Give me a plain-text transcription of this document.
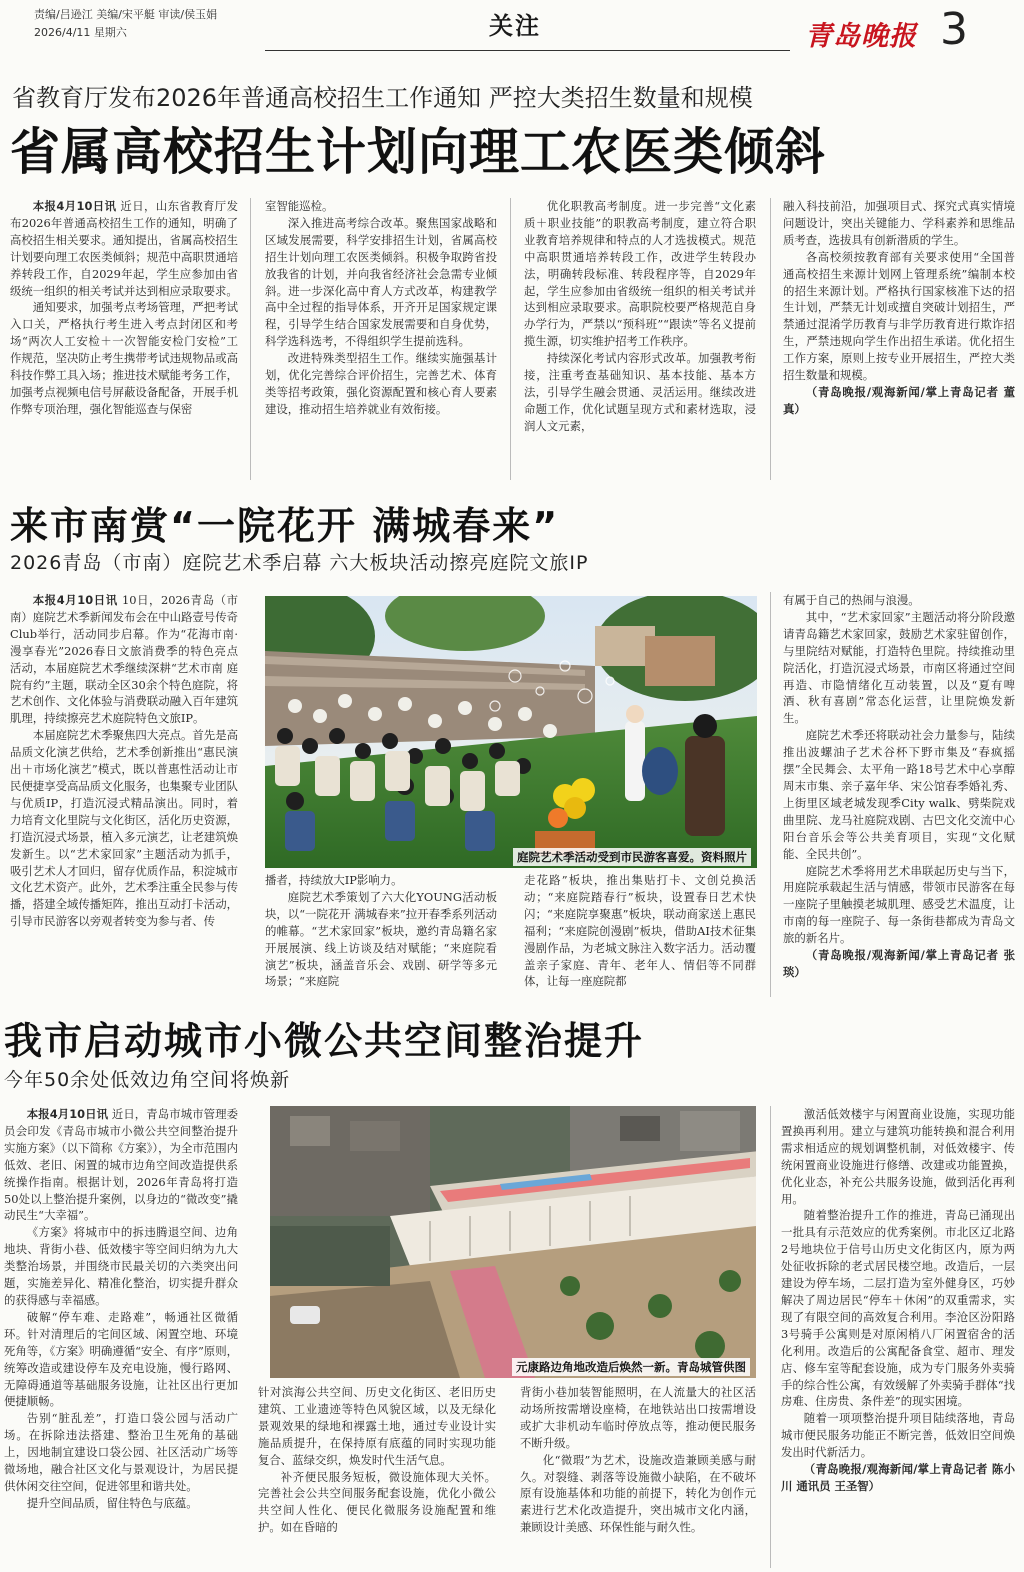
责编/吕逊江 美编/宋平艇 审读/侯玉娟
2026/4/11 星期六	关注	青岛晚报 3
省教育厅发布2026年普通高校招生工作通知 严控大类招生数量和规模
省属高校招生计划向理工农医类倾斜

本报4月10日讯 近日，山东省教育厅发布2026年普通高校招生工作的通知，明确了高校招生相关要求。通知提出，省属高校招生计划要向理工农医类倾斜；规范中高职贯通培养转段工作，自2029年起，学生应参加由省级统一组织的相关考试并达到相应录取要求。

通知要求，加强考点考场管理，严把考试入口关，严格执行考生进入考点封闭区和考场“两次人工安检＋一次智能安检门安检”工作规范，坚决防止考生携带考试违规物品或高科技作弊工具入场；推进技术赋能考务工作，加强考点视频电信号屏蔽设备配备，开展手机作弊专项治理，强化智能巡查与保密

室智能巡检。

深入推进高考综合改革。聚焦国家战略和区域发展需要，科学安排招生计划，省属高校招生计划向理工农医类倾斜。积极争取跨省投放我省的计划，并向我省经济社会急需专业倾斜。进一步深化高中育人方式改革，构建教学高中全过程的指导体系，开齐开足国家规定课程，引导学生结合国家发展需要和自身优势，科学选科选考，不得组织学生提前选科。

改进特殊类型招生工作。继续实施强基计划，优化完善综合评价招生，完善艺术、体育类等招考政策，强化资源配置和核心育人要素建设，推动招生培养就业有效衔接。

优化职教高考制度。进一步完善“文化素质＋职业技能”的职教高考制度，建立符合职业教育培养规律和特点的人才选拔模式。规范中高职贯通培养转段工作，改进学生转段办法，明确转段标准、转段程序等，自2029年起，学生应参加由省级统一组织的相关考试并达到相应录取要求。高职院校要严格规范自身办学行为，严禁以“预科班”“跟读”等名义提前揽生源，切实维护招考工作秩序。

持续深化考试内容形式改革。加强教考衔接，注重考查基础知识、基本技能、基本方法，引导学生融会贯通、灵活运用。继续改进命题工作，优化试题呈现方式和素材选取，浸润人文元素，

融入科技前沿，加强项目式、探究式真实情境问题设计，突出关键能力、学科素养和思维品质考查，选拔具有创新潜质的学生。

各高校须按教育部有关要求使用“全国普通高校招生来源计划网上管理系统”编制本校的招生来源计划。严格执行国家核准下达的招生计划，严禁无计划或擅自突破计划招生，严禁通过混淆学历教育与非学历教育进行欺诈招生，严禁违规向学生作出招生承诺。优化招生工作方案，原则上按专业开展招生，严控大类招生数量和规模。

（青岛晚报/观海新闻/掌上青岛记者 董真）

来市南赏“一院花开 满城春来”
2026青岛（市南）庭院艺术季启幕 六大板块活动擦亮庭院文旅IP

本报4月10日讯 10日，2026青岛（市南）庭院艺术季新闻发布会在中山路壹号传奇Club举行，活动同步启幕。作为“花海市南·漫享春光”2026春日文旅消费季的特色亮点活动，本届庭院艺术季继续深耕“艺术市南 庭院有约”主题，联动全区30余个特色庭院，将艺术创作、文化体验与消费联动融入百年建筑肌理，持续擦亮艺术庭院特色文旅IP。

本届庭院艺术季聚焦四大亮点。首先是高品质文化演艺供给，艺术季创新推出“惠民演出＋市场化演艺”模式，既以普惠性活动让市民便捷享受高品质文化服务，也集聚专业团队与优质IP，打造沉浸式精品演出。同时，着力培育文化里院与文化街区，活化历史资源，打造沉浸式场景，植入多元演艺，让老建筑焕发新生。以“艺术家回家”主题活动为抓手，吸引艺术人才回归，留存优质作品，积淀城市文化艺术资产。此外，艺术季注重全民参与传播，搭建全域传播矩阵，推出互动打卡活动，引导市民游客以旁观者转变为参与者、传

庭院艺术季活动受到市民游客喜爱。资料照片

播者，持续放大IP影响力。

庭院艺术季策划了六大化YOUNG活动板块，以“一院花开 满城春来”拉开春季系列活动的帷幕。“艺术家回家”板块，邀约青岛籍名家开展展演、线上访谈及结对赋能；“来庭院看演艺”板块，涵盖音乐会、戏剧、研学等多元场景；“来庭院

走花路”板块，推出集贴打卡、文创兑换活动；“来庭院踏春行”板块，设置春日艺术快闪；“来庭院享聚惠”板块，联动商家送上惠民福利；“来庭院创漫剧”板块，借助AI技术征集漫剧作品，为老城文脉注入数字活力。活动覆盖亲子家庭、青年、老年人、情侣等不同群体，让每一座庭院都

有属于自己的热闹与浪漫。

其中，“艺术家回家”主题活动将分阶段邀请青岛籍艺术家回家，鼓励艺术家驻留创作，与里院结对赋能，打造特色里院。持续推动里院活化，打造沉浸式场景，市南区将通过空间再造、市隐情绪化互动装置，以及“夏有啤酒、秋有喜剧”常态化运营，让里院焕发新生。

庭院艺术季还将联动社会力量参与，陆续推出波螺油子艺术谷杯下野市集及“春疯摇摆”全民舞会、太平角一路18号艺术中心享醇周末市集、亲子嘉年华、宋公馆春季婚礼秀、上街里区域老城发现季City walk、劈柴院戏曲里院、龙马社庭院戏剧、古巴文化交流中心阳台音乐会等公共美育项目，实现“文化赋能、全民共创”。

庭院艺术季将用艺术串联起历史与当下，用庭院承载起生活与情感，带领市民游客在每一座院子里触摸老城肌理、感受艺术温度，让市南的每一座院子、每一条街巷都成为青岛文旅的新名片。

（青岛晚报/观海新闻/掌上青岛记者 张琰）

我市启动城市小微公共空间整治提升
今年50余处低效边角空间将焕新

本报4月10日讯 近日，青岛市城市管理委员会印发《青岛市城市小微公共空间整治提升实施方案》（以下简称《方案》），为全市范围内低效、老旧、闲置的城市边角空间改造提供系统操作指南。根据计划，2026年青岛将打造50处以上整治提升案例，以身边的“微改变”撬动民生“大幸福”。

《方案》将城市中的拆违腾退空间、边角地块、背街小巷、低效楼宇等空间归纳为九大类整治场景，并围绕市民最关切的六类突出问题，实施差异化、精准化整治，切实提升群众的获得感与幸福感。

破解“停车难、走路难”，畅通社区微循环。针对清理后的宅间区域、闲置空地、环境死角等，《方案》明确遵循“安全、有序”原则，统筹改造或建设停车及充电设施，慢行路网、无障碍通道等基础服务设施，让社区出行更加便捷顺畅。

告别“脏乱差”，打造口袋公园与活动广场。在拆除违法搭建、整治卫生死角的基础上，因地制宜建设口袋公园、社区活动广场等微场地，融合社区文化与景观设计，为居民提供休闲交往空间，促进邻里和谐共处。

提升空间品质，留住特色与底蕴。

元康路边角地改造后焕然一新。青岛城管供图

针对滨海公共空间、历史文化街区、老旧历史建筑、工业遗迹等特色风貌区域，以及无绿化景观效果的绿地和裸露土地，通过专业设计实施品质提升，在保持原有底蕴的同时实现功能复合、蓝绿交织，焕发时代生活气息。

补齐便民服务短板，微设施体现大关怀。完善社会公共空间服务配套设施，优化小微公共空间人性化、便民化微服务设施配置和维护。如在昏暗的

背街小巷加装智能照明，在人流量大的社区活动场所按需增设座椅，在地铁站出口按需增设或扩大非机动车临时停放点等，推动便民服务不断升级。

化“微瑕”为艺术，设施改造兼顾美感与耐久。对裂缝、剥落等设施微小缺陷，在不破坏原有设施基体和功能的前提下，转化为创作元素进行艺术化改造提升，突出城市文化内涵，兼顾设计美感、环保性能与耐久性。

激活低效楼宇与闲置商业设施，实现功能置换再利用。建立与建筑功能转换和混合利用需求相适应的规划调整机制，对低效楼宇、传统闲置商业设施进行修缮、改建或功能置换，优化业态，补充公共服务设施，做到活化再利用。

随着整治提升工作的推进，青岛已涌现出一批具有示范效应的优秀案例。市北区辽北路2号地块位于信号山历史文化街区内，原为两处征收拆除的老式居民楼空地。改造后，一层建设为停车场，二层打造为室外健身区，巧妙解决了周边居民“停车＋休闲”的双重需求，实现了有限空间的高效复合利用。李沧区汾阳路3号骑手公寓则是对原闲梢八厂闲置宿舍的活化利用。改造后的公寓配备食堂、超市、理发店、修车室等配套设施，成为专门服务外卖骑手的综合性公寓，有效缓解了外卖骑手群体“找房难、住房贵、条件差”的现实困境。

随着一项项整治提升项目陆续落地，青岛城市便民服务功能正不断完善，低效旧空间焕发出时代新活力。

（青岛晚报/观海新闻/掌上青岛记者 陈小川 通讯员 王圣智）
